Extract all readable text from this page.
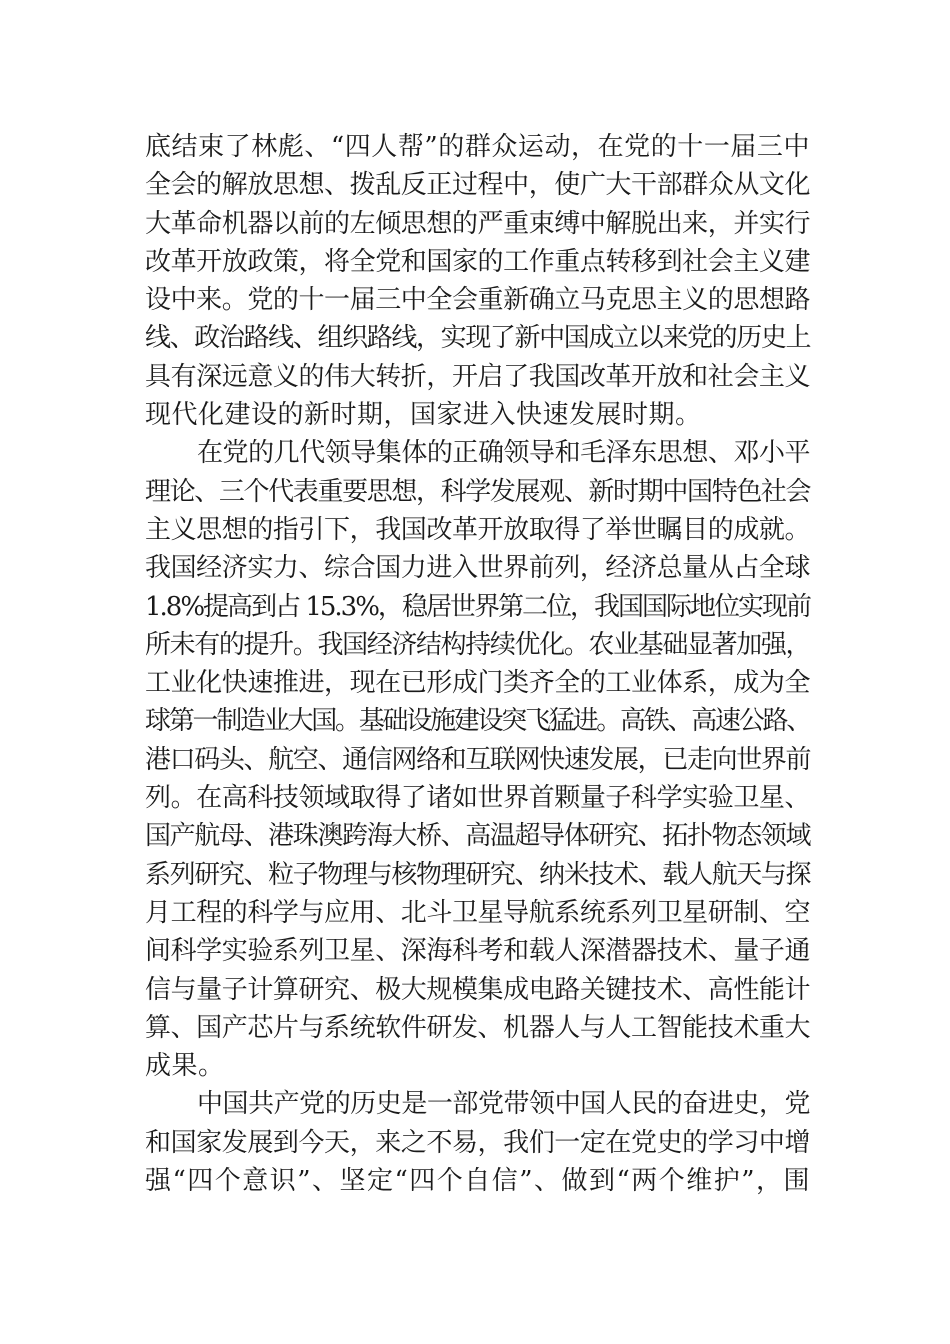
底结束了林彪、“四人帮”的群众运动，在党的十一届三中
全会的解放思想、拨乱反正过程中，使广大干部群众从文化
大革命机器以前的左倾思想的严重束缚中解脱出来，并实行
改革开放政策，将全党和国家的工作重点转移到社会主义建
设中来。党的十一届三中全会重新确立马克思主义的思想路
线、政治路线、组织路线，实现了新中国成立以来党的历史上
具有深远意义的伟大转折，开启了我国改革开放和社会主义
现代化建设的新时期，国家进入快速发展时期。
在党的几代领导集体的正确领导和毛泽东思想、邓小平
理论、三个代表重要思想，科学发展观、新时期中国特色社会
主义思想的指引下，我国改革开放取得了举世瞩目的成就。
我国经济实力、综合国力进入世界前列，经济总量从占全球
1.8%提高到占 15.3%，稳居世界第二位，我国国际地位实现前
所未有的提升。我国经济结构持续优化。农业基础显著加强，
工业化快速推进，现在已形成门类齐全的工业体系，成为全
球第一制造业大国。基础设施建设突飞猛进。高铁、高速公路、
港口码头、航空、通信网络和互联网快速发展，已走向世界前
列。在高科技领域取得了诸如世界首颗量子科学实验卫星、
国产航母、港珠澳跨海大桥、高温超导体研究、拓扑物态领域
系列研究、粒子物理与核物理研究、纳米技术、载人航天与探
月工程的科学与应用、北斗卫星导航系统系列卫星研制、空
间科学实验系列卫星、深海科考和载人深潜器技术、量子通
信与量子计算研究、极大规模集成电路关键技术、高性能计
算、国产芯片与系统软件研发、机器人与人工智能技术重大
成果。
中国共产党的历史是一部党带领中国人民的奋进史，党
和国家发展到今天，来之不易，我们一定在党史的学习中增
强“四个意识”、坚定“四个自信”、做到“两个维护”，围
